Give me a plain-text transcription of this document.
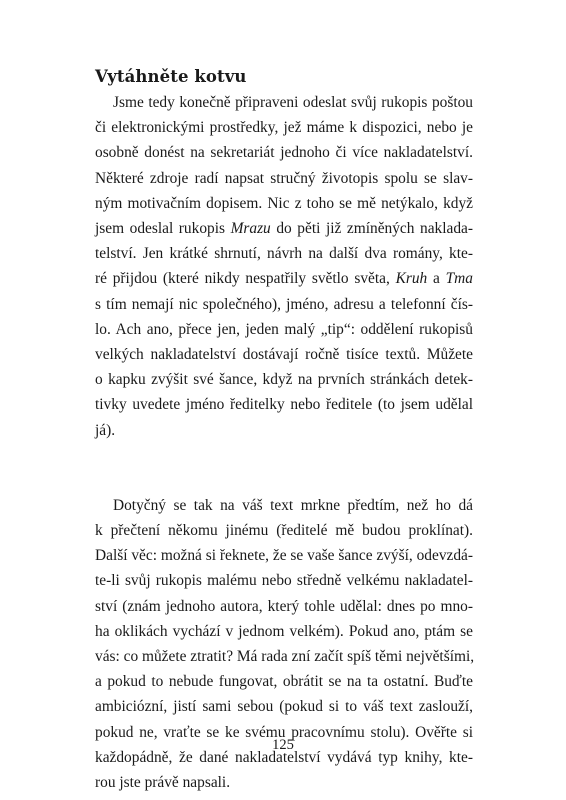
Vytáhněte kotvu
Jsme tedy konečně připraveni odeslat svůj rukopis poštou
či elektronickými prostředky, jež máme k dispozici, nebo je
osobně donést na sekretariát jednoho či více nakladatelství.
Některé zdroje radí napsat stručný životopis spolu se slav-
ným motivačním dopisem. Nic z toho se mě netýkalo, když
jsem odeslal rukopis Mrazu do pěti již zmíněných naklada-
telství. Jen krátké shrnutí, návrh na další dva romány, kte-
ré přijdou (které nikdy nespatřily světlo světa, Kruh a Tma
s tím nemají nic společného), jméno, adresu a telefonní čís-
lo. Ach ano, přece jen, jeden malý „tip“: oddělení rukopisů
velkých nakladatelství dostávají ročně tisíce textů. Můžete
o kapku zvýšit své šance, když na prvních stránkách detek-
tivky uvedete jméno ředitelky nebo ředitele (to jsem udělal
já).
Dotyčný se tak na váš text mrkne předtím, než ho dá
k přečtení někomu jinému (ředitelé mě budou proklínat).
Další věc: možná si řeknete, že se vaše šance zvýší, odevzdá-
te-li svůj rukopis malému nebo středně velkému nakladatel-
ství (znám jednoho autora, který tohle udělal: dnes po mno-
ha oklikách vychází v jednom velkém). Pokud ano, ptám se
vás: co můžete ztratit? Má rada zní začít spíš těmi největšími,
a pokud to nebude fungovat, obrátit se na ta ostatní. Buďte
ambiciózní, jistí sami sebou (pokud si to váš text zaslouží,
pokud ne, vraťte se ke svému pracovnímu stolu). Ověřte si
každopádně, že dané nakladatelství vydává typ knihy, kte-
rou jste právě napsali.
125
